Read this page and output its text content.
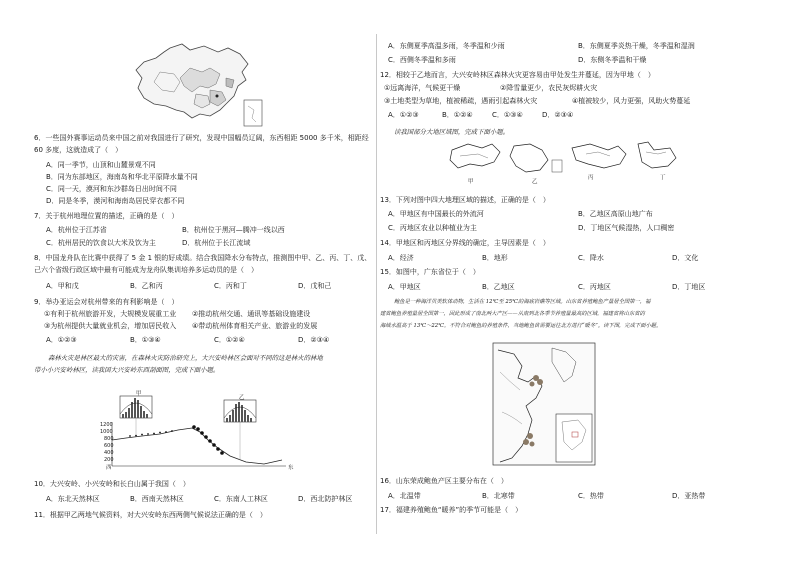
6．一些国外赛事运动员来中国之前对我国进行了研究，发现中国幅员辽阔，东西相距 5000 多千米，相距经
60 多度，这就造成了（　）
A．同一季节，山顶和山麓景观不同
B．同为东部地区，海南岛和华北平原降水量不同
C．同一天，漠河和东沙群岛日出时间不同
D．同是冬季，漠河和海南岛居民穿衣都不同
7．关于杭州地理位置的描述，正确的是（　）
A．杭州位于江苏省	B．杭州位于黑河—腾冲一线以西
C．杭州居民的饮食以大米及饮为主	D．杭州位于长江流域
8．中国龙舟队在比赛中获得了 5 金 1 银的好成绩。结合我国降水分布特点，推测图中甲、乙、丙、丁、戊、
己六个省级行政区域中最有可能成为龙舟队集训培养多运动员的是（　）
A．甲和戊	B．乙和丙	C．丙和丁	D．戊和己
9．举办亚运会对杭州带来的有利影响是（　）
①有利于杭州旅游开发，大规模发展重工业 ②推动杭州交通、通讯等基础设施建设
③为杭州提供大量就业机会，增加居民收入 ④带动杭州体育相关产业、旅游业的发展
A．①②③	B．①③④	C．①②④	D．②③④
森林火灾是林区最大的灾害，在森林火灾防治研究上，大兴安岭林区会面对不同的这是林火的林地
带小小兴安岭林区，读我国大兴安岭东西剖面图，完成下面小题。
甲
乙
1200
1000
800
600
400
200
西	东
10．大兴安岭、小兴安岭和长白山属于我国（　）
A．东北天然林区	B．西南天然林区	C．东南人工林区	D．西北防护林区
11．根据甲乙两地气候资料，对大兴安岭东西两侧气候说法正确的是（　）
A．东侧夏季高温多雨，冬季温和少雨	B．东侧夏季炎热干燥，冬季温和湿润
C．西侧冬季温和多雨	D．东侧冬季温和干燥
12．相较于乙地而言，大兴安岭林区森林火灾更容易由甲处发生并蔓延，因为甲地（　）
①远离海洋，气候更干燥	②降雪量更少，农民灰烬耕火灾
③土地类型为草地，植被稀疏，遇雨引起森林火灾	④植被较少，风力更强，风助火势蔓延
A．①②③	B．①②④	C．①③④	D．②③④
读我国部分大地区域图，完成下面小题。
甲	乙
丙	丁
13．下列对图中四大地理区域的描述，正确的是（　）
A．甲地区有中国最长的外流河	B．乙地区高原山地广布
C．丙地区农业以种植业为主	D．丁地区气候湿热，人口稠密
14．甲地区和丙地区分界线的确定，主导因素是（　）
A．经济	B．地形	C．降水	D．文化
15．如图中，广东省位于（　）
A．甲地区	B．乙地区	C．丙地区	D．丁地区
鲍鱼是一种海洋贝类软体动物，生活在 12℃至 25℃的海底岩礁等区域。山东省养殖鲍鱼产量居全国第一，福
建省鲍鱼养殖量居全国第一，因此形成了南北两大产区——从南到北各季节养殖量最高的区域，福建省将山东省的
海域水温高于 13℃～22℃，不符合对鲍鱼的养殖条件，当地鲍鱼苗需要运往北方进行“暖冬”。读下图，完成下面小题。
16．山东荣成鲍鱼产区主要分布在（　）
A．北温带	B．北寒带	C．热带	D．亚热带
17．福建养殖鲍鱼“暖养”的季节可能是（　）
